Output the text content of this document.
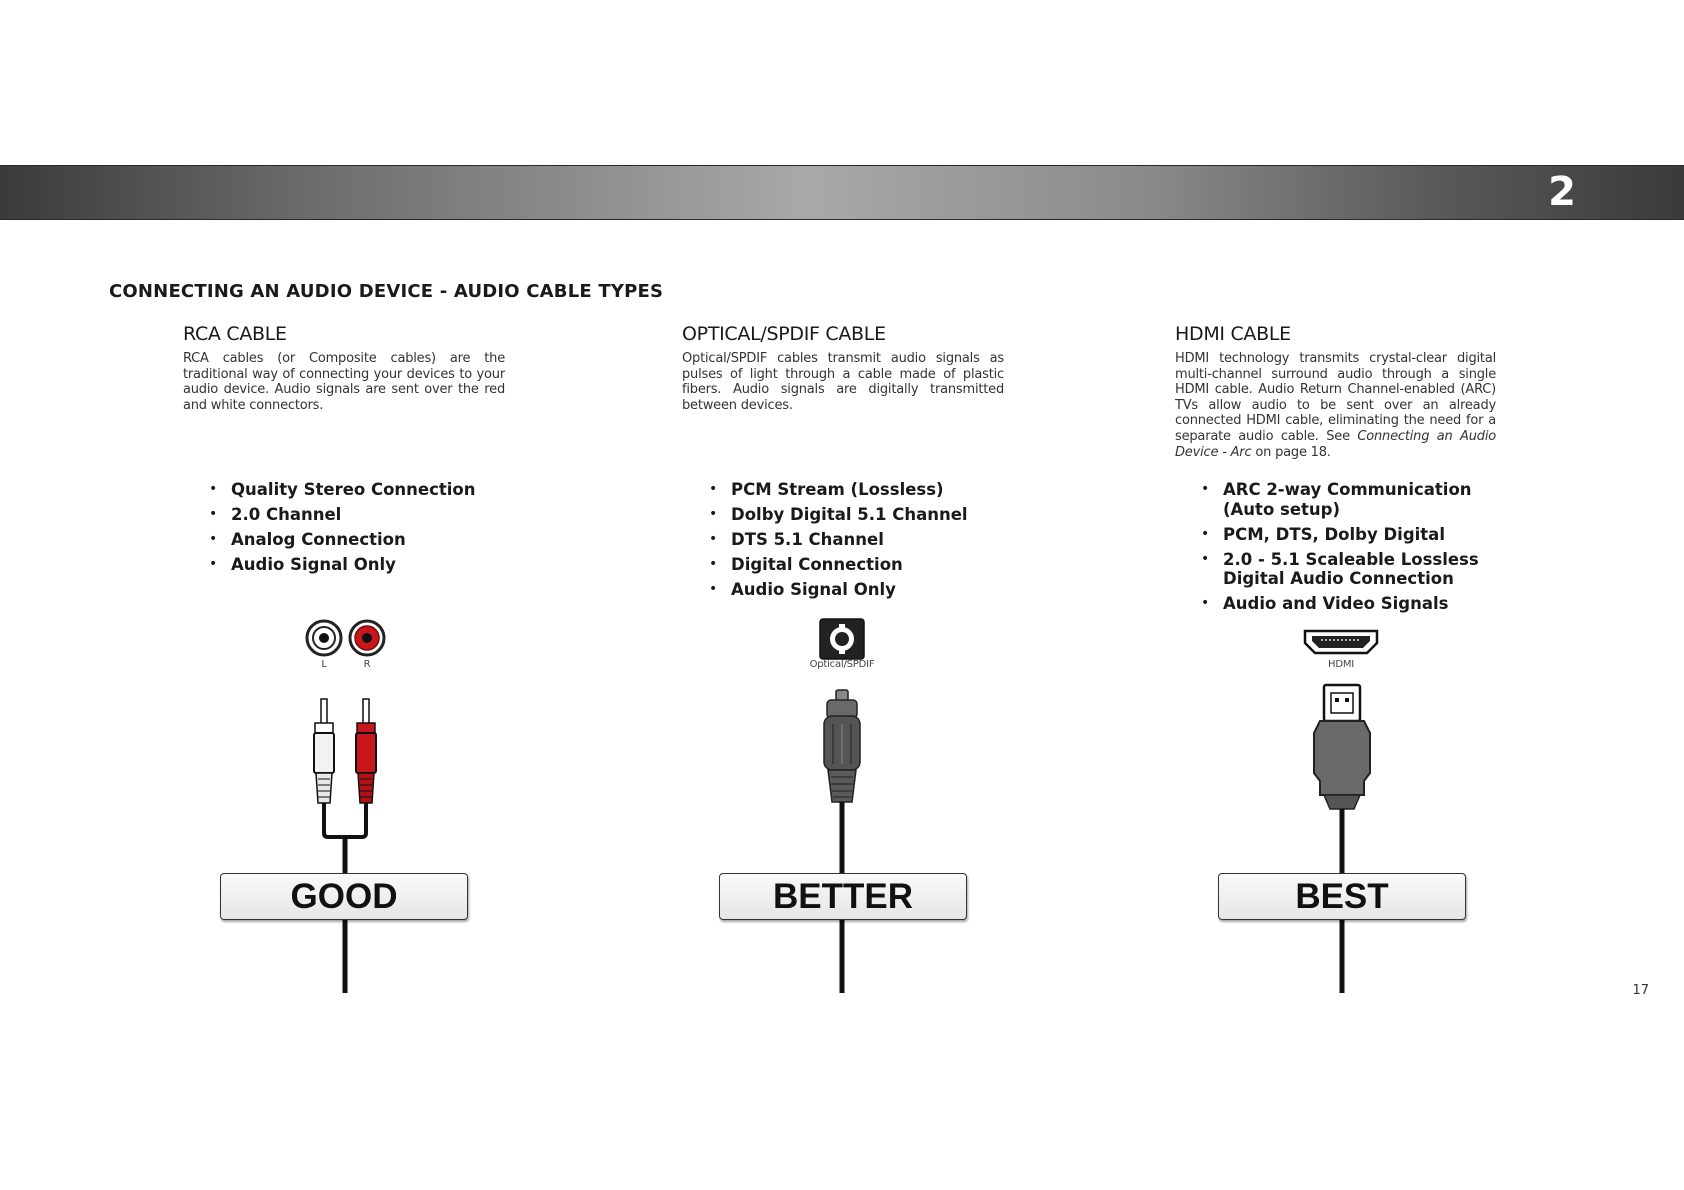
2
CONNECTING AN AUDIO DEVICE - AUDIO CABLE TYPES
RCA CABLE

RCA cables (or Composite cables) are the traditional way of connecting your devices to your audio device. Audio signals are sent over the red and white connectors.

• Quality Stereo Connection
• 2.0 Channel
• Analog Connection
• Audio Signal Only
L	R
GOOD
OPTICAL/SPDIF CABLE

Optical/SPDIF cables transmit audio signals as pulses of light through a cable made of plastic fibers. Audio signals are digitally transmitted between devices.

• PCM Stream (Lossless)
• Dolby Digital 5.1 Channel
• DTS 5.1 Channel
• Digital Connection
• Audio Signal Only
Optical/SPDIF
BETTER
HDMI CABLE

HDMI technology transmits crystal-clear digital multi-channel surround audio through a single HDMI cable. Audio Return Channel-enabled (ARC) TVs allow audio to be sent over an already connected HDMI cable, eliminating the need for a separate audio cable. See Connecting an Audio Device - Arc on page 18.

• ARC 2-way Communication (Auto setup)
• PCM, DTS, Dolby Digital
• 2.0 - 5.1 Scaleable Lossless Digital Audio Connection
• Audio and Video Signals
HDMI
BEST
17
